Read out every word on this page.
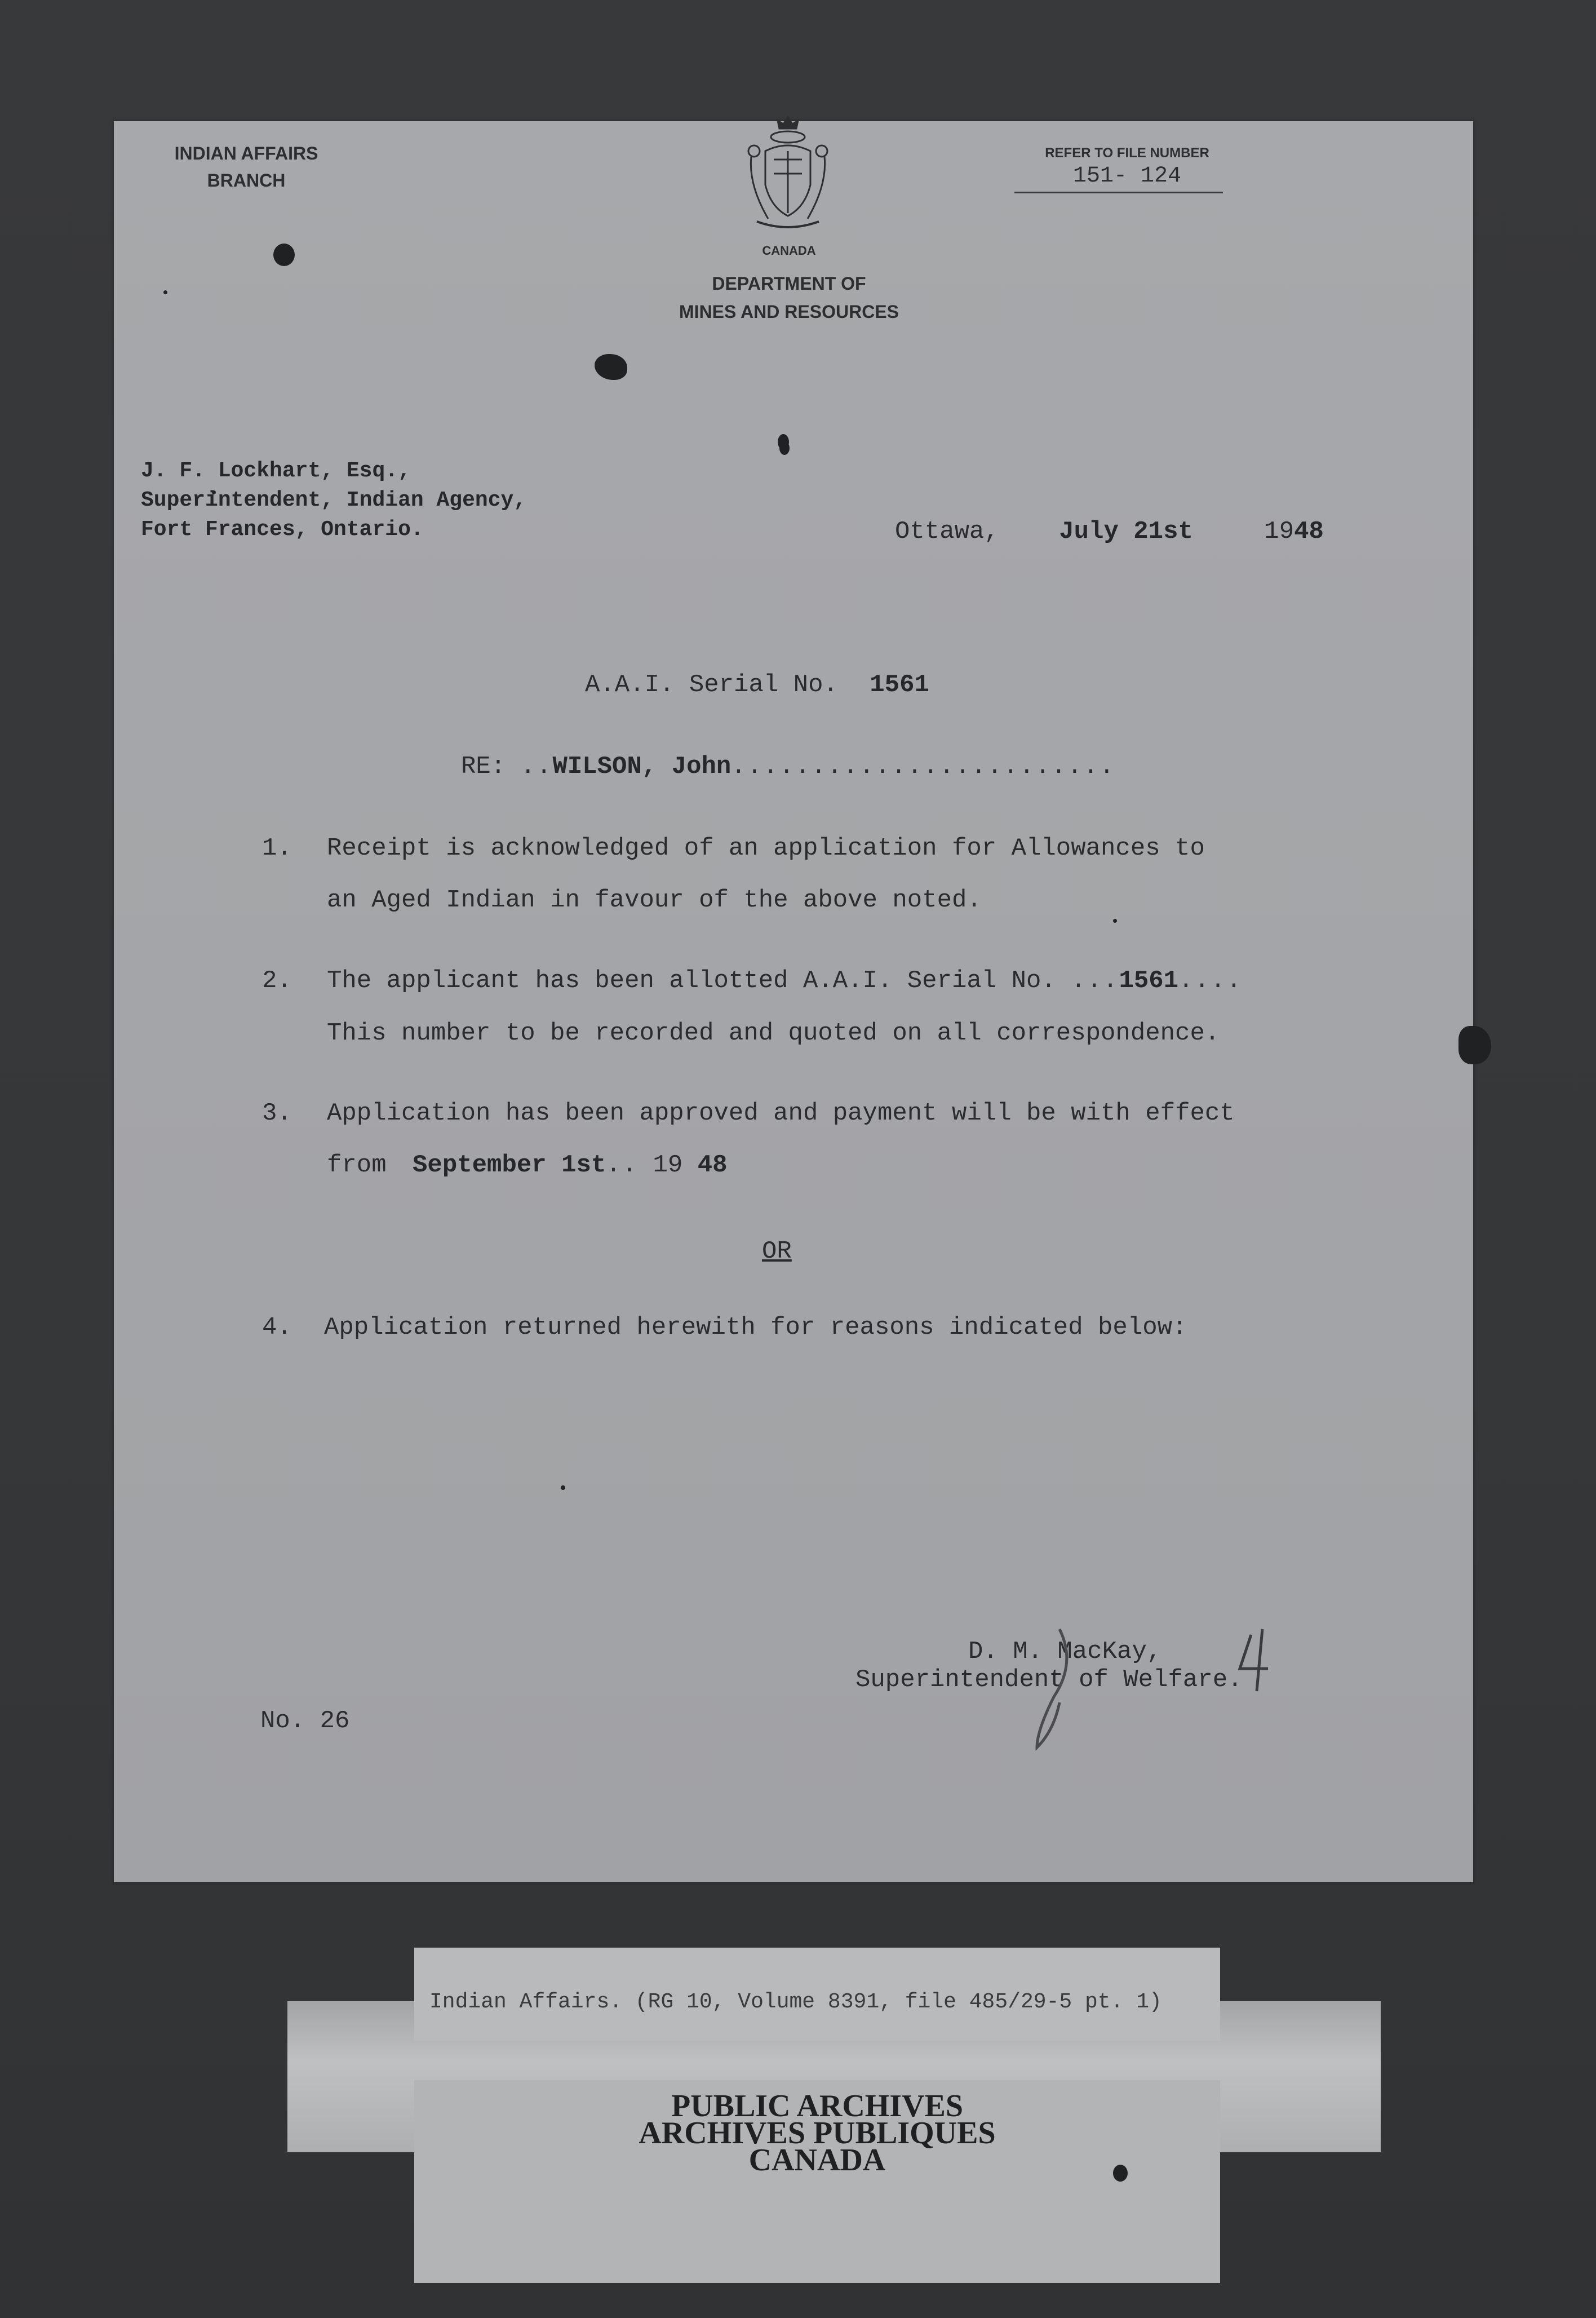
INDIAN AFFAIRS
BRANCH
CANADA
DEPARTMENT OF
MINES AND RESOURCES
REFER TO FILE NUMBER
151- 124
Ottawa, July 21st	1948
J. F. Lockhart, Esq.,
Superintendent, Indian Agency,
Fort Frances, Ontario.
A.A.I. Serial No. 1561
RE: ..WILSON, John........................
1. Receipt is acknowledged of an application for Allowances to
an Aged Indian in favour of the above noted.
2. The applicant has been allotted A.A.I. Serial No. ...1561....
This number to be recorded and quoted on all correspondence.
3. Application has been approved and payment will be with effect
from September 1st.. 19 48
OR
4. Application returned herewith for reasons indicated below:
D. M. MacKay,
Superintendent of Welfare.
No. 26
Indian Affairs. (RG 10, Volume 8391, file 485/29-5 pt. 1)
PUBLIC ARCHIVES
ARCHIVES PUBLIQUES
CANADA
